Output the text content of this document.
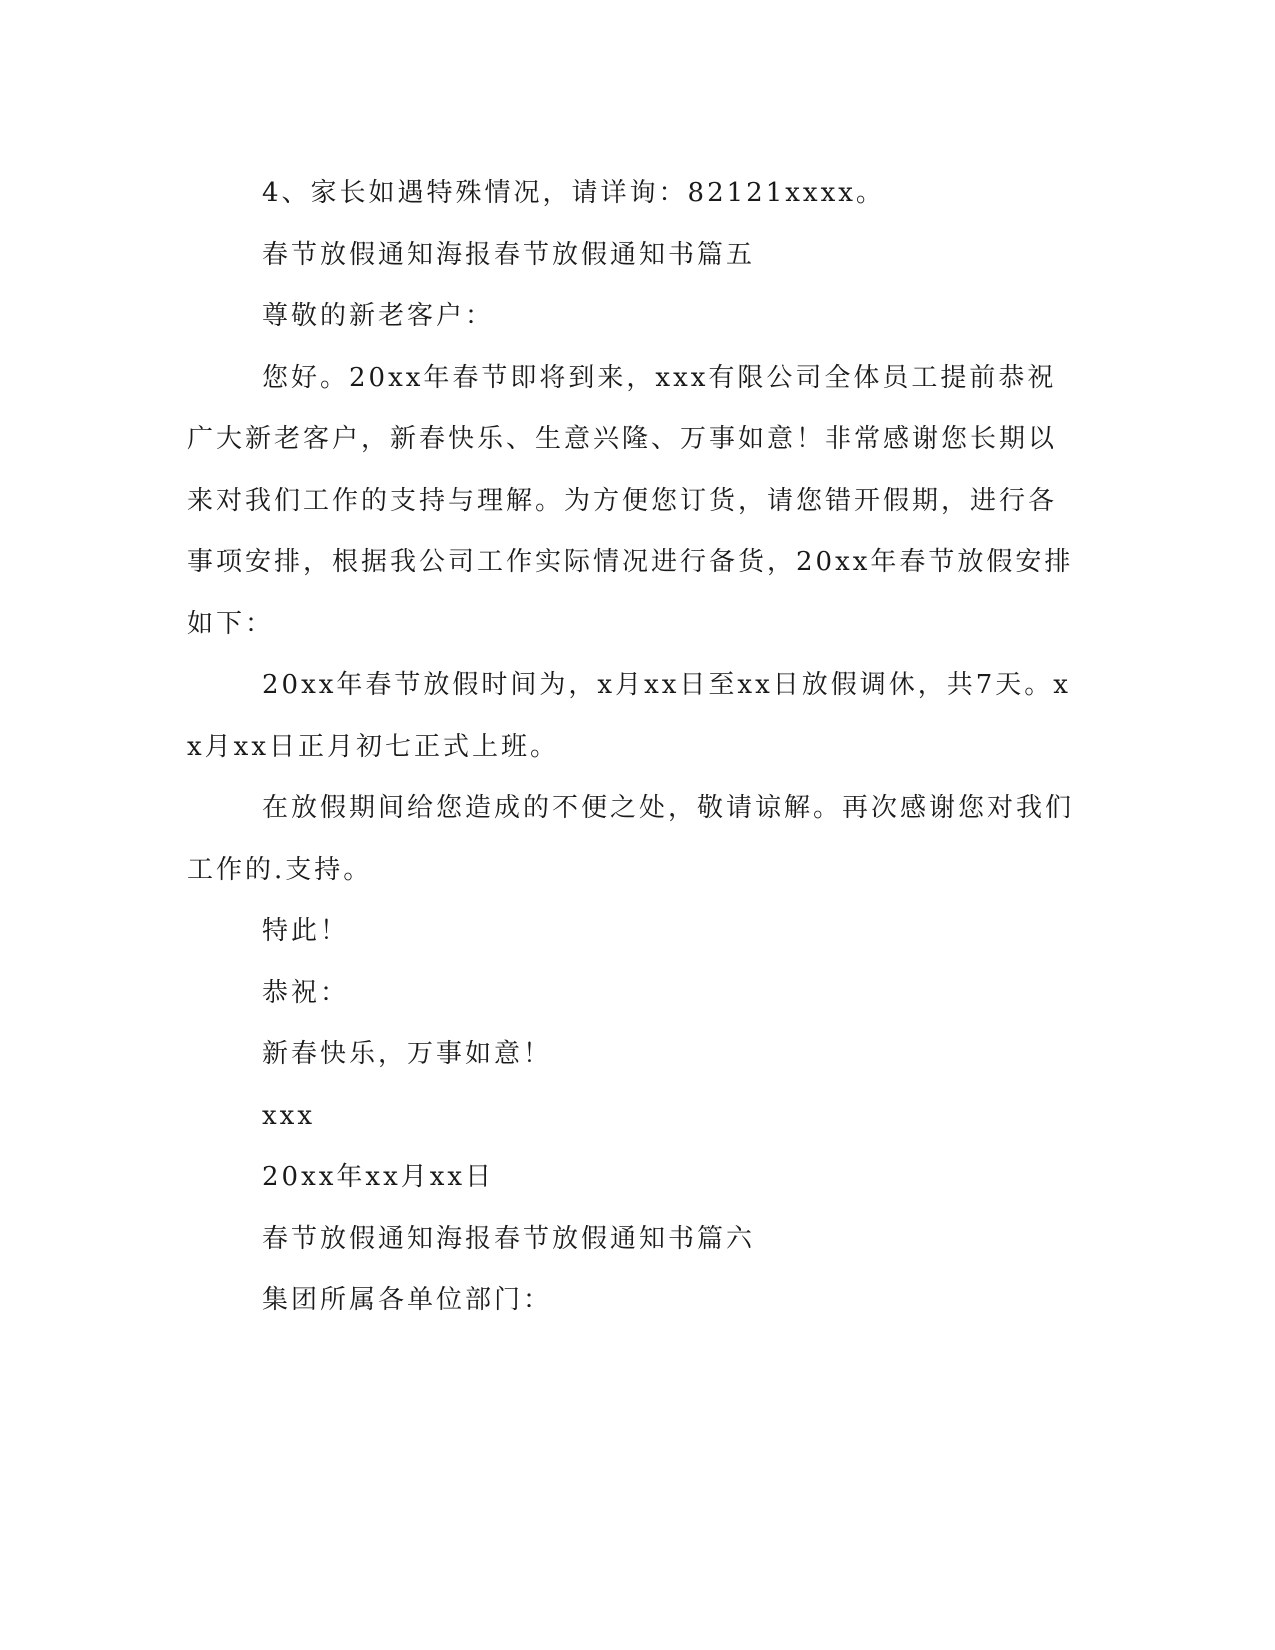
4、家长如遇特殊情况，请详询：82121xxxx。

春节放假通知海报春节放假通知书篇五

尊敬的新老客户：

您好。20xx年春节即将到来，xxx有限公司全体员工提前恭祝广大新老客户，新春快乐、生意兴隆、万事如意！非常感谢您长期以来对我们工作的支持与理解。为方便您订货，请您错开假期，进行各事项安排，根据我公司工作实际情况进行备货，20xx年春节放假安排如下：

20xx年春节放假时间为，x月xx日至xx日放假调休，共7天。xx月xx日正月初七正式上班。

在放假期间给您造成的不便之处，敬请谅解。再次感谢您对我们工作的.支持。

特此！

恭祝：

新春快乐，万事如意！

xxx

20xx年xx月xx日

春节放假通知海报春节放假通知书篇六

集团所属各单位部门：
